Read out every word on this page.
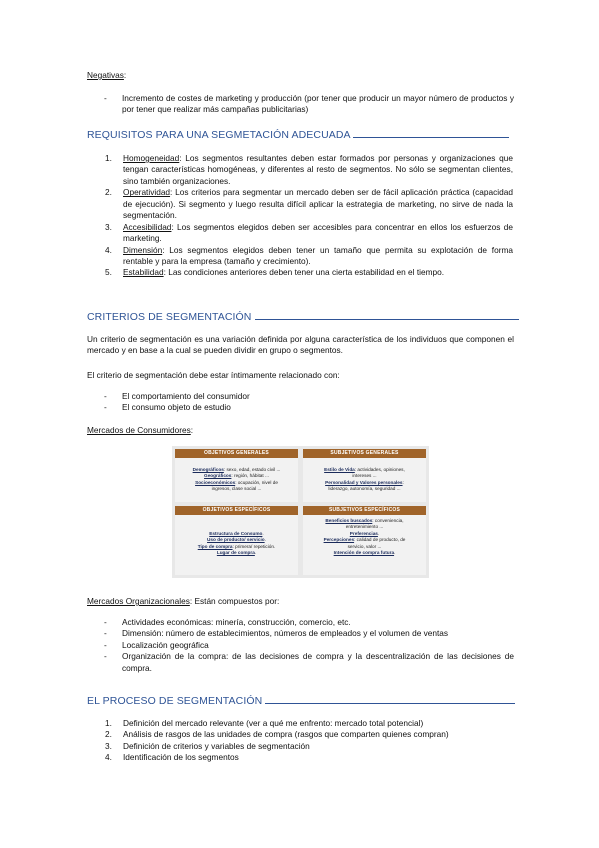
Negativas:
- Incremento de costes de marketing y producción (por tener que producir un mayor número de productos y por tener que realizar más campañas publicitarias)
REQUISITOS PARA UNA SEGMETACIÓN ADECUADA
1. Homogeneidad: Los segmentos resultantes deben estar formados por personas y organizaciones que tengan características homogéneas, y diferentes al resto de segmentos. No sólo se segmentan clientes, sino también organizaciones.
2. Operatividad: Los criterios para segmentar un mercado deben ser de fácil aplicación práctica (capacidad de ejecución). Si segmento y luego resulta difícil aplicar la estrategia de marketing, no sirve de nada la segmentación.
3. Accesibilidad: Los segmentos elegidos deben ser accesibles para concentrar en ellos los esfuerzos de marketing.
4. Dimensión: Los segmentos elegidos deben tener un tamaño que permita su explotación de forma rentable y para la empresa (tamaño y crecimiento).
5. Estabilidad: Las condiciones anteriores deben tener una cierta estabilidad en el tiempo.
CRITERIOS DE SEGMENTACIÓN
Un criterio de segmentación es una variación definida por alguna característica de los individuos que componen el mercado y en base a la cual se pueden dividir en grupo o segmentos.
El criterio de segmentación debe estar íntimamente relacionado con:
- El comportamiento del consumidor
- El consumo objeto de estudio
Mercados de Consumidores:
OBJETIVOS GENERALES	SUBJETIVOS GENERALES
OBJETIVOS ESPECÍFICOS	SUBJETIVOS ESPECÍFICOS
Demográficos: sexo, edad, estado civil ...
Geográficos: región, hábitat ...
Socioeconómicos: ocupación, nivel de
ingresos, clase social ...
Estilo de Vida: actividades, opiniones,
intereses ...
Personalidad y Valores personales:
liderazgo, autonomía, seguridad ...
Estructura de Consumo.
Uso de producto/ servicio.
Tipo de compra: primera/ repetición.
Lugar de compra.
Beneficios buscados: conveniencia,
entretenimiento ...
Preferencias.
Percepciones: calidad de producto, de
servicio, valor ...
Intención de compra futura.
Mercados Organizacionales: Están compuestos por:
- Actividades económicas: minería, construcción, comercio, etc.
- Dimensión: número de establecimientos, números de empleados y el volumen de ventas
- Localización geográfica
- Organización de la compra: de las decisiones de compra y la descentralización de las decisiones de compra.
EL PROCESO DE SEGMENTACIÓN
1. Definición del mercado relevante (ver a qué me enfrento: mercado total potencial)
2. Análisis de rasgos de las unidades de compra (rasgos que comparten quienes compran)
3. Definición de criterios y variables de segmentación
4. Identificación de los segmentos
